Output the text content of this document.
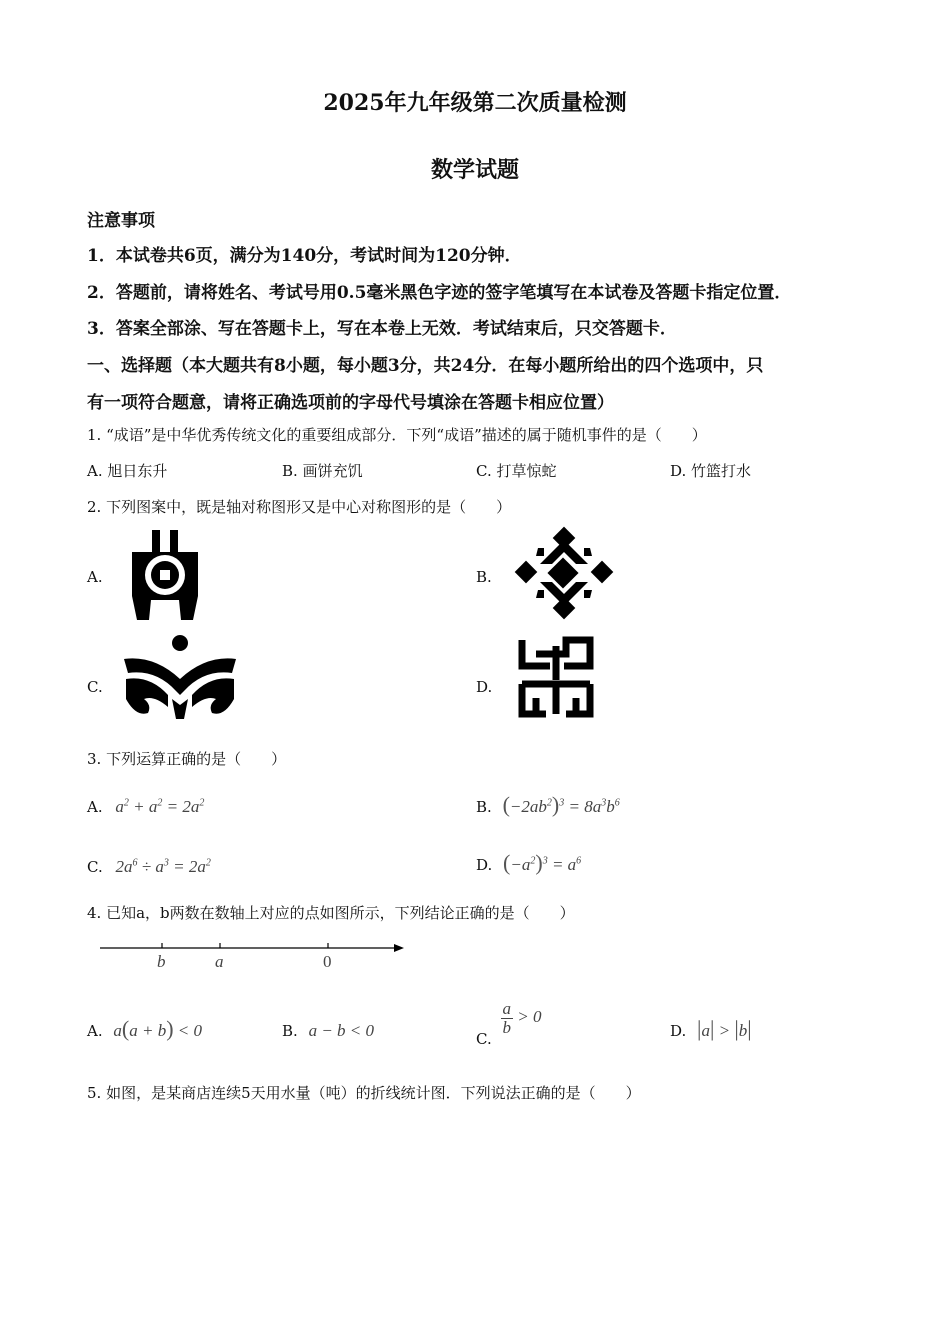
2025年九年级第二次质量检测
数学试题
注意事项
1．本试卷共6页，满分为140分，考试时间为120分钟．
2．答题前，请将姓名、考试号用0.5毫米黑色字迹的签字笔填写在本试卷及答题卡指定位置．
3．答案全部涂、写在答题卡上，写在本卷上无效．考试结束后，只交答题卡．
一、选择题（本大题共有8小题，每小题3分，共24分．在每小题所给出的四个选项中，只
有一项符合题意，请将正确选项前的字母代号填涂在答题卡相应位置）
1. “成语”是中华优秀传统文化的重要组成部分．下列“成语”描述的属于随机事件的是（　　）
A. 旭日东升	B. 画饼充饥	C. 打草惊蛇	D. 竹篮打水
2. 下列图案中，既是轴对称图形又是中心对称图形的是（　　）
A.	B.
C.	D.
3. 下列运算正确的是（　　）
A. $a^2 + a^2 = 2a^2$	B. $(-2ab^2)^3 = 8a^3b^6$
C. $2a^6 \div a^3 = 2a^2$	D. $(-a^2)^3 = a^6$
4. 已知a，b两数在数轴上对应的点如图所示，下列结论正确的是（　　）
b	a	0
A. a(a + b) < 0	B. a − b < 0	C.
$\frac{a}{b} > 0$
D. |a| > |b|
5. 如图，是某商店连续5天用水量（吨）的折线统计图．下列说法正确的是（　　）
